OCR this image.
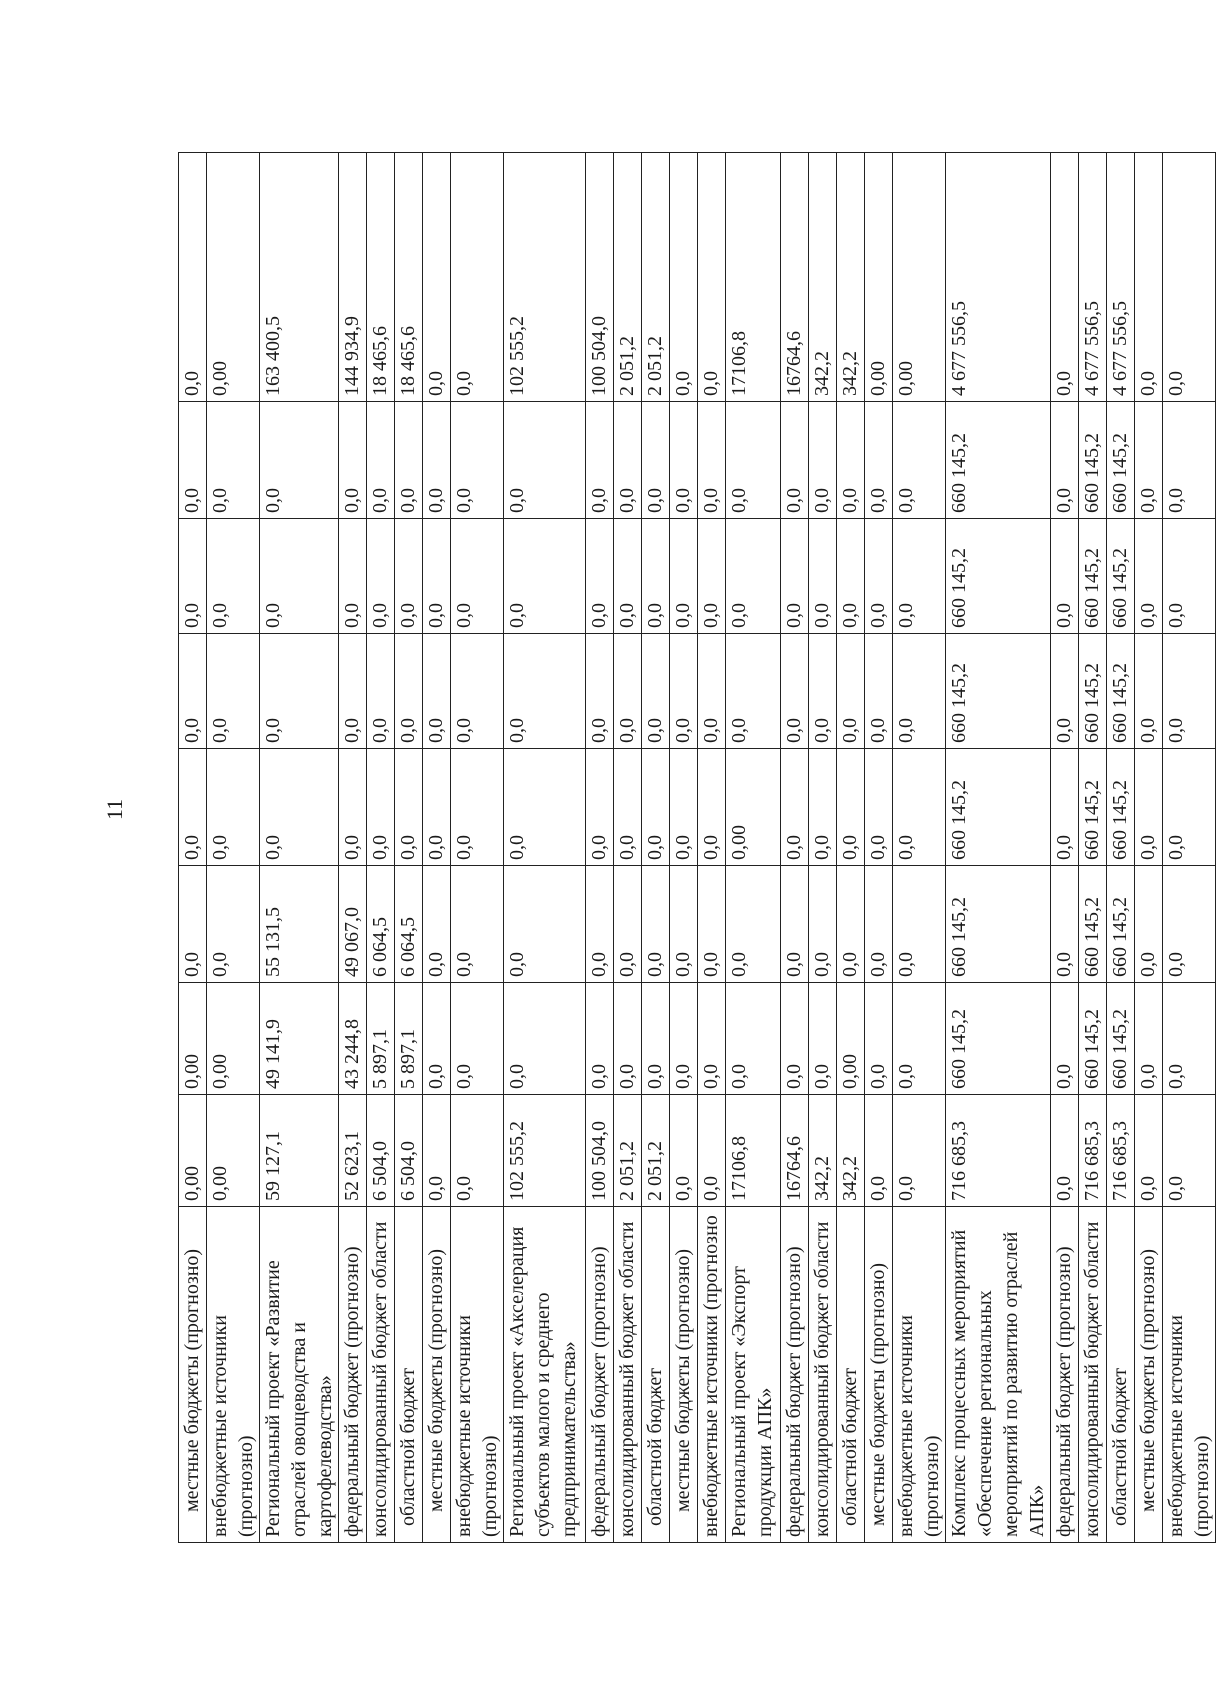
11
местные бюджеты (прогнозно)	0,00	0,00	0,0	0,0	0,0	0,0	0,0	0,0
внебюджетные источники (прогнозно)	0,00	0,00	0,0	0,0	0,0	0,0	0,0	0,00
Региональный проект «Развитие отраслей овощеводства и картофелеводства»	59 127,1	49 141,9	55 131,5	0,0	0,0	0,0	0,0	163 400,5
федеральный бюджет (прогнозно)	52 623,1	43 244,8	49 067,0	0,0	0,0	0,0	0,0	144 934,9
консолидированный бюджет области	6 504,0	5 897,1	6 064,5	0,0	0,0	0,0	0,0	18 465,6
областной бюджет	6 504,0	5 897,1	6 064,5	0,0	0,0	0,0	0,0	18 465,6
местные бюджеты (прогнозно)	0,0	0,0	0,0	0,0	0,0	0,0	0,0	0,0
внебюджетные источники (прогнозно)	0,0	0,0	0,0	0,0	0,0	0,0	0,0	0,0
Региональный проект «Акселерация субъектов малого и среднего предпринимательства»	102 555,2	0,0	0,0	0,0	0,0	0,0	0,0	102 555,2
федеральный бюджет (прогнозно)	100 504,0	0,0	0,0	0,0	0,0	0,0	0,0	100 504,0
консолидированный бюджет области	2 051,2	0,0	0,0	0,0	0,0	0,0	0,0	2 051,2
областной бюджет	2 051,2	0,0	0,0	0,0	0,0	0,0	0,0	2 051,2
местные бюджеты (прогнозно)	0,0	0,0	0,0	0,0	0,0	0,0	0,0	0,0
внебюджетные источники (прогнозно	0,0	0,0	0,0	0,0	0,0	0,0	0,0	0,0
Региональный проект «Экспорт продукции АПК»	17106,8	0,0	0,0	0,00	0,0	0,0	0,0	17106,8
федеральный бюджет (прогнозно)	16764,6	0,0	0,0	0,0	0,0	0,0	0,0	16764,6
консолидированный бюджет области	342,2	0,0	0,0	0,0	0,0	0,0	0,0	342,2
областной бюджет	342,2	0,00	0,0	0,0	0,0	0,0	0,0	342,2
местные бюджеты (прогнозно)	0,0	0,0	0,0	0,0	0,0	0,0	0,0	0,00
внебюджетные источники (прогнозно)	0,0	0,0	0,0	0,0	0,0	0,0	0,0	0,00
Комплекс процессных мероприятий «Обеспечение региональных мероприятий по развитию отраслей АПК»	716 685,3	660 145,2	660 145,2	660 145,2	660 145,2	660 145,2	660 145,2	4 677 556,5
федеральный бюджет (прогнозно)	0,0	0,0	0,0	0,0	0,0	0,0	0,0	0,0
консолидированный бюджет области	716 685,3	660 145,2	660 145,2	660 145,2	660 145,2	660 145,2	660 145,2	4 677 556,5
областной бюджет	716 685,3	660 145,2	660 145,2	660 145,2	660 145,2	660 145,2	660 145,2	4 677 556,5
местные бюджеты (прогнозно)	0,0	0,0	0,0	0,0	0,0	0,0	0,0	0,0
внебюджетные источники (прогнозно)	0,0	0,0	0,0	0,0	0,0	0,0	0,0	0,0
